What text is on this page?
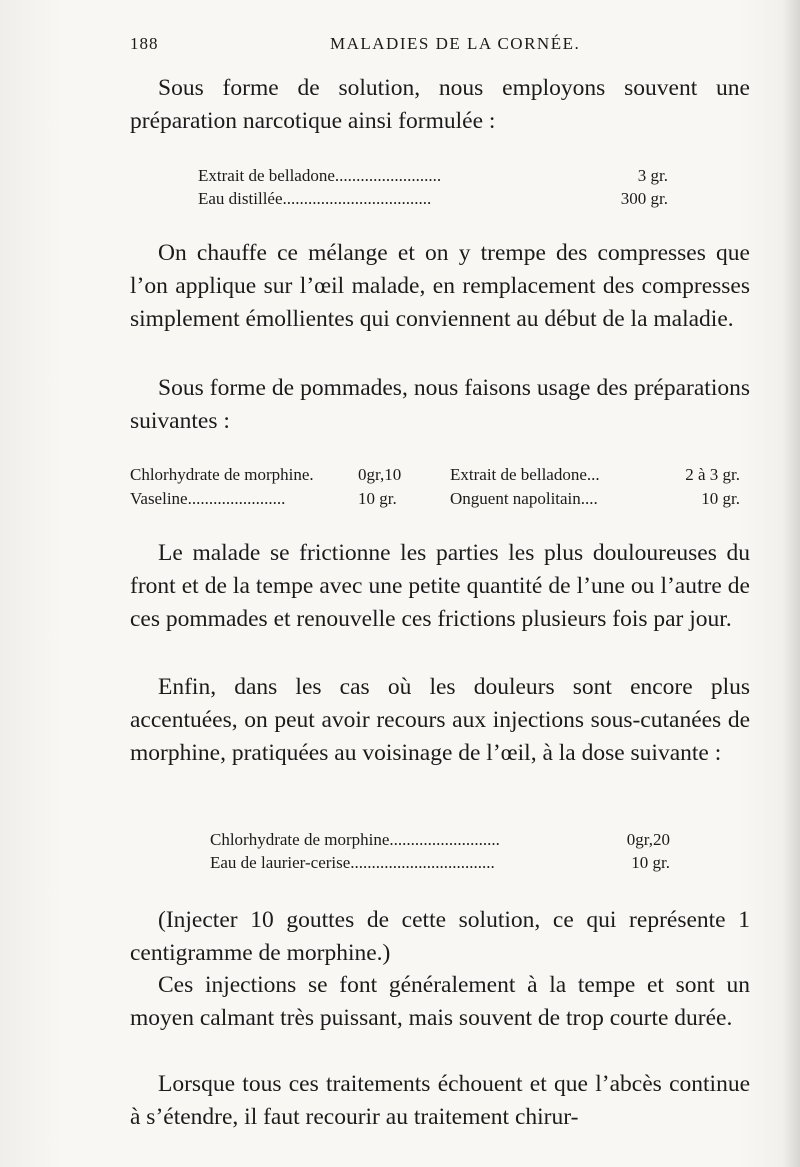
188	MALADIES DE LA CORNÉE.

Sous forme de solution, nous employons souvent une préparation narcotique ainsi formulée :

Extrait de belladone.........................	3 gr.
Eau distillée...................................	300 gr.

On chauffe ce mélange et on y trempe des compresses que l’on applique sur l’œil malade, en remplacement des compresses simplement émollientes qui conviennent au début de la maladie.

Sous forme de pommades, nous faisons usage des préparations suivantes :

Chlorhydrate de morphine.	0gr,10	Extrait de belladone...	2 à 3 gr.
Vaseline.......................	10 gr.	Onguent napolitain....	10 gr.

Le malade se frictionne les parties les plus douloureuses du front et de la tempe avec une petite quantité de l’une ou l’autre de ces pommades et renouvelle ces frictions plusieurs fois par jour.

Enfin, dans les cas où les douleurs sont encore plus accentuées, on peut avoir recours aux injections sous-cutanées de morphine, pratiquées au voisinage de l’œil, à la dose suivante :

Chlorhydrate de morphine..........................	0gr,20
Eau de laurier-cerise..................................	10 gr.

(Injecter 10 gouttes de cette solution, ce qui représente 1 centigramme de morphine.)

Ces injections se font généralement à la tempe et sont un moyen calmant très puissant, mais souvent de trop courte durée.

Lorsque tous ces traitements échouent et que l’abcès continue à s’étendre, il faut recourir au traitement chirur-
